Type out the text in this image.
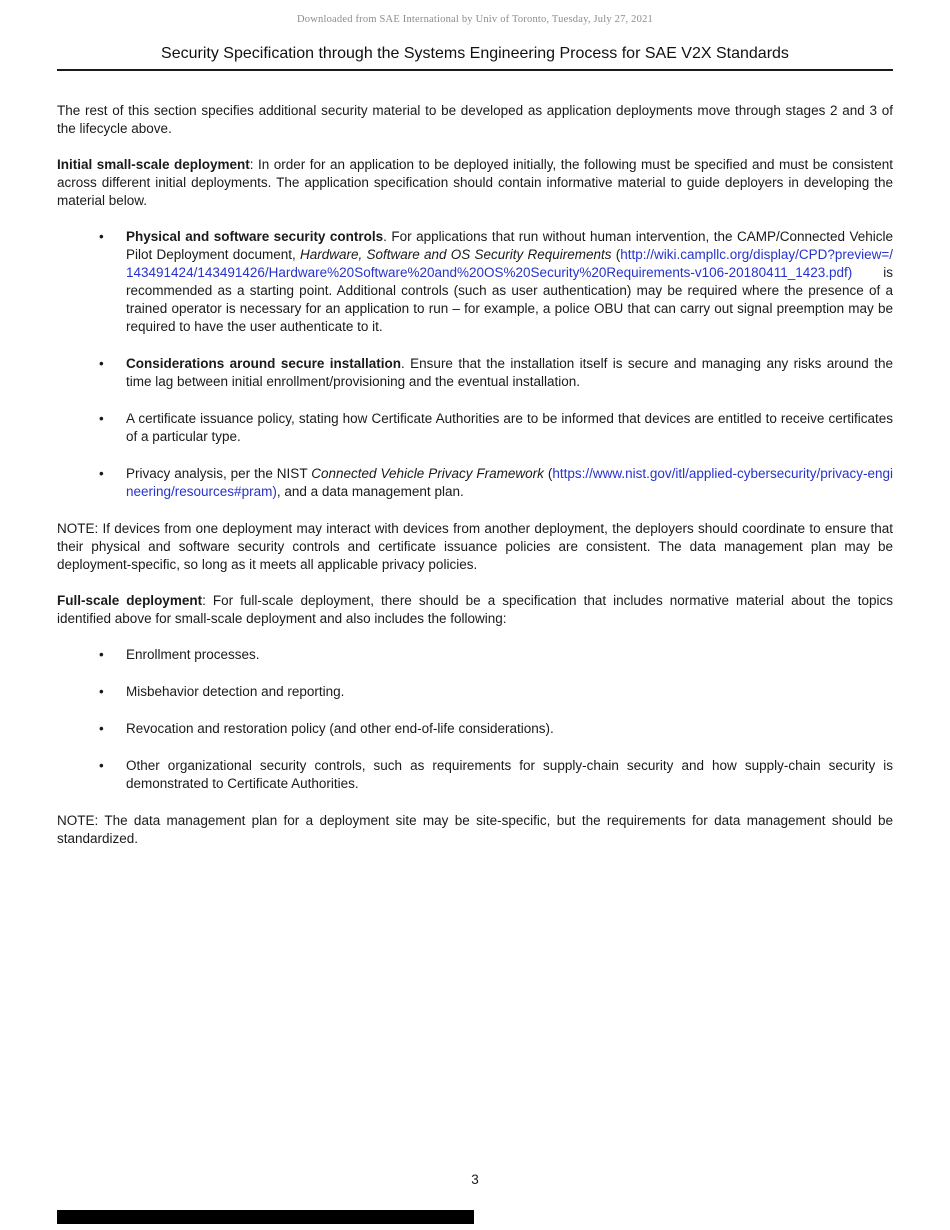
Downloaded from SAE International by Univ of Toronto, Tuesday, July 27, 2021
Security Specification through the Systems Engineering Process for SAE V2X Standards

The rest of this section specifies additional security material to be developed as application deployments move through stages 2 and 3 of the lifecycle above.

Initial small-scale deployment: In order for an application to be deployed initially, the following must be specified and must be consistent across different initial deployments. The application specification should contain informative material to guide deployers in developing the material below.

•	Physical and software security controls. For applications that run without human intervention, the CAMP/Connected Vehicle Pilot Deployment document, Hardware, Software and OS Security Requirements (http://wiki.campllc.org/display/CPD?preview=/143491424/143491426/Hardware%20Software%20and%20OS%20Security%20Requirements-v106-20180411_1423.pdf) is recommended as a starting point. Additional controls (such as user authentication) may be required where the presence of a trained operator is necessary for an application to run – for example, a police OBU that can carry out signal preemption may be required to have the user authenticate to it.
•	Considerations around secure installation. Ensure that the installation itself is secure and managing any risks around the time lag between initial enrollment/provisioning and the eventual installation.
•	A certificate issuance policy, stating how Certificate Authorities are to be informed that devices are entitled to receive certificates of a particular type.
•	Privacy analysis, per the NIST Connected Vehicle Privacy Framework (https://www.nist.gov/itl/applied-cybersecurity/privacy-engineering/resources#pram), and a data management plan.

NOTE: If devices from one deployment may interact with devices from another deployment, the deployers should coordinate to ensure that their physical and software security controls and certificate issuance policies are consistent. The data management plan may be deployment-specific, so long as it meets all applicable privacy policies.

Full-scale deployment: For full-scale deployment, there should be a specification that includes normative material about the topics identified above for small-scale deployment and also includes the following:

•	Enrollment processes.
•	Misbehavior detection and reporting.
•	Revocation and restoration policy (and other end-of-life considerations).
•	Other organizational security controls, such as requirements for supply-chain security and how supply-chain security is demonstrated to Certificate Authorities.

NOTE: The data management plan for a deployment site may be site-specific, but the requirements for data management should be standardized.

3
